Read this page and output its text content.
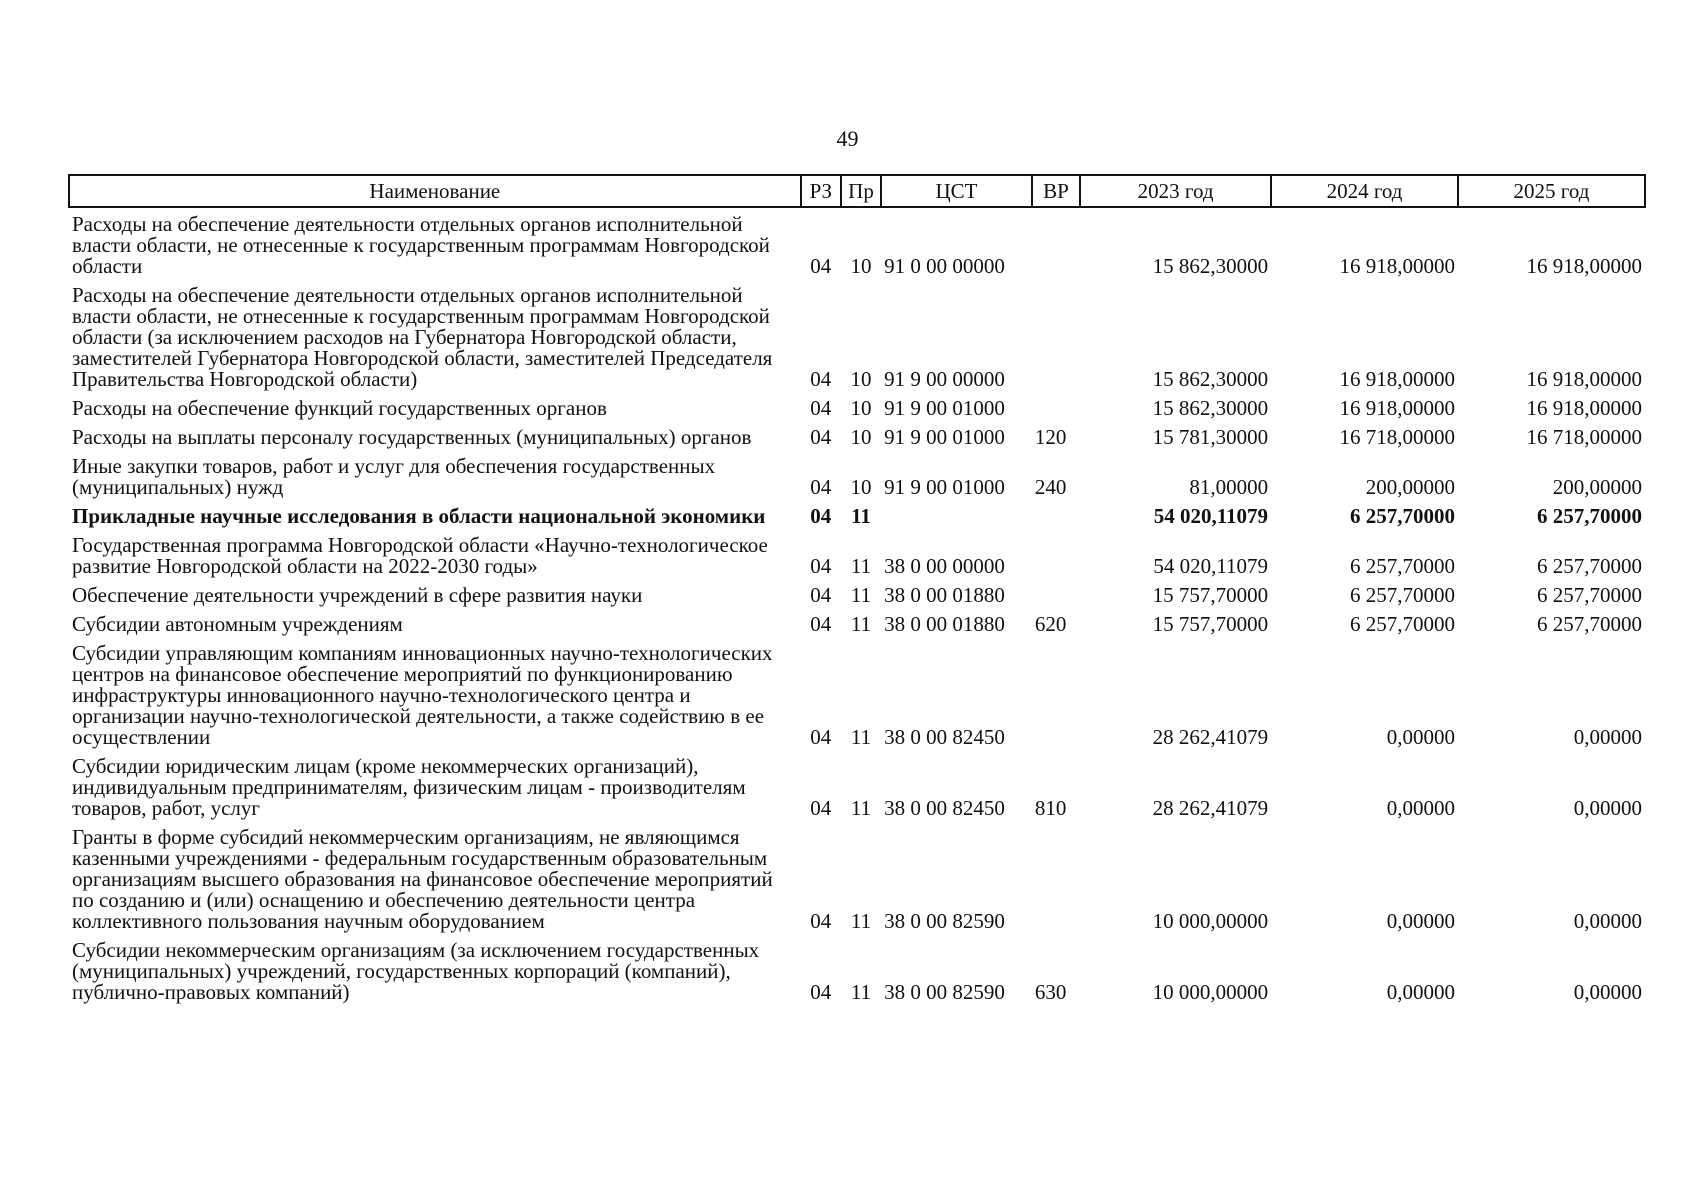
49
Наименование	РЗ	Пр	ЦСТ	ВР	2023 год	2024 год	2025 год
Расходы на обеспечение деятельности отдельных органов исполнительной власти области, не отнесенные к государственным программам Новгородской области	04	10	91 0 00 00000		15 862,30000	16 918,00000	16 918,00000
Расходы на обеспечение деятельности отдельных органов исполнительной власти области, не отнесенные к государственным программам Новгородской области (за исключением расходов на Губернатора Новгородской области, заместителей Губернатора Новгородской области, заместителей Председателя Правительства Новгородской области)	04	10	91 9 00 00000		15 862,30000	16 918,00000	16 918,00000
Расходы на обеспечение функций государственных органов	04	10	91 9 00 01000		15 862,30000	16 918,00000	16 918,00000
Расходы на выплаты персоналу государственных (муниципальных) органов	04	10	91 9 00 01000	120	15 781,30000	16 718,00000	16 718,00000
Иные закупки товаров, работ и услуг для обеспечения государственных (муниципальных) нужд	04	10	91 9 00 01000	240	81,00000	200,00000	200,00000
Прикладные научные исследования в области национальной экономики	04	11			54 020,11079	6 257,70000	6 257,70000
Государственная программа Новгородской области «Научно-технологическое развитие Новгородской области на 2022-2030 годы»	04	11	38 0 00 00000		54 020,11079	6 257,70000	6 257,70000
Обеспечение деятельности учреждений в сфере развития науки	04	11	38 0 00 01880		15 757,70000	6 257,70000	6 257,70000
Субсидии автономным учреждениям	04	11	38 0 00 01880	620	15 757,70000	6 257,70000	6 257,70000
Субсидии управляющим компаниям инновационных научно-технологических центров на финансовое обеспечение мероприятий по функционированию инфраструктуры инновационного научно-технологического центра и организации научно-технологической деятельности, а также содействию в ее осуществлении	04	11	38 0 00 82450		28 262,41079	0,00000	0,00000
Субсидии юридическим лицам (кроме некоммерческих организаций), индивидуальным предпринимателям, физическим лицам - производителям товаров, работ, услуг	04	11	38 0 00 82450	810	28 262,41079	0,00000	0,00000
Гранты в форме субсидий некоммерческим организациям, не являющимся казенными учреждениями - федеральным государственным образовательным организациям высшего образования на финансовое обеспечение мероприятий по созданию и (или) оснащению и обеспечению деятельности центра коллективного пользования научным оборудованием	04	11	38 0 00 82590		10 000,00000	0,00000	0,00000
Субсидии некоммерческим организациям (за исключением государственных (муниципальных) учреждений, государственных корпораций (компаний), публично-правовых компаний)	04	11	38 0 00 82590	630	10 000,00000	0,00000	0,00000
